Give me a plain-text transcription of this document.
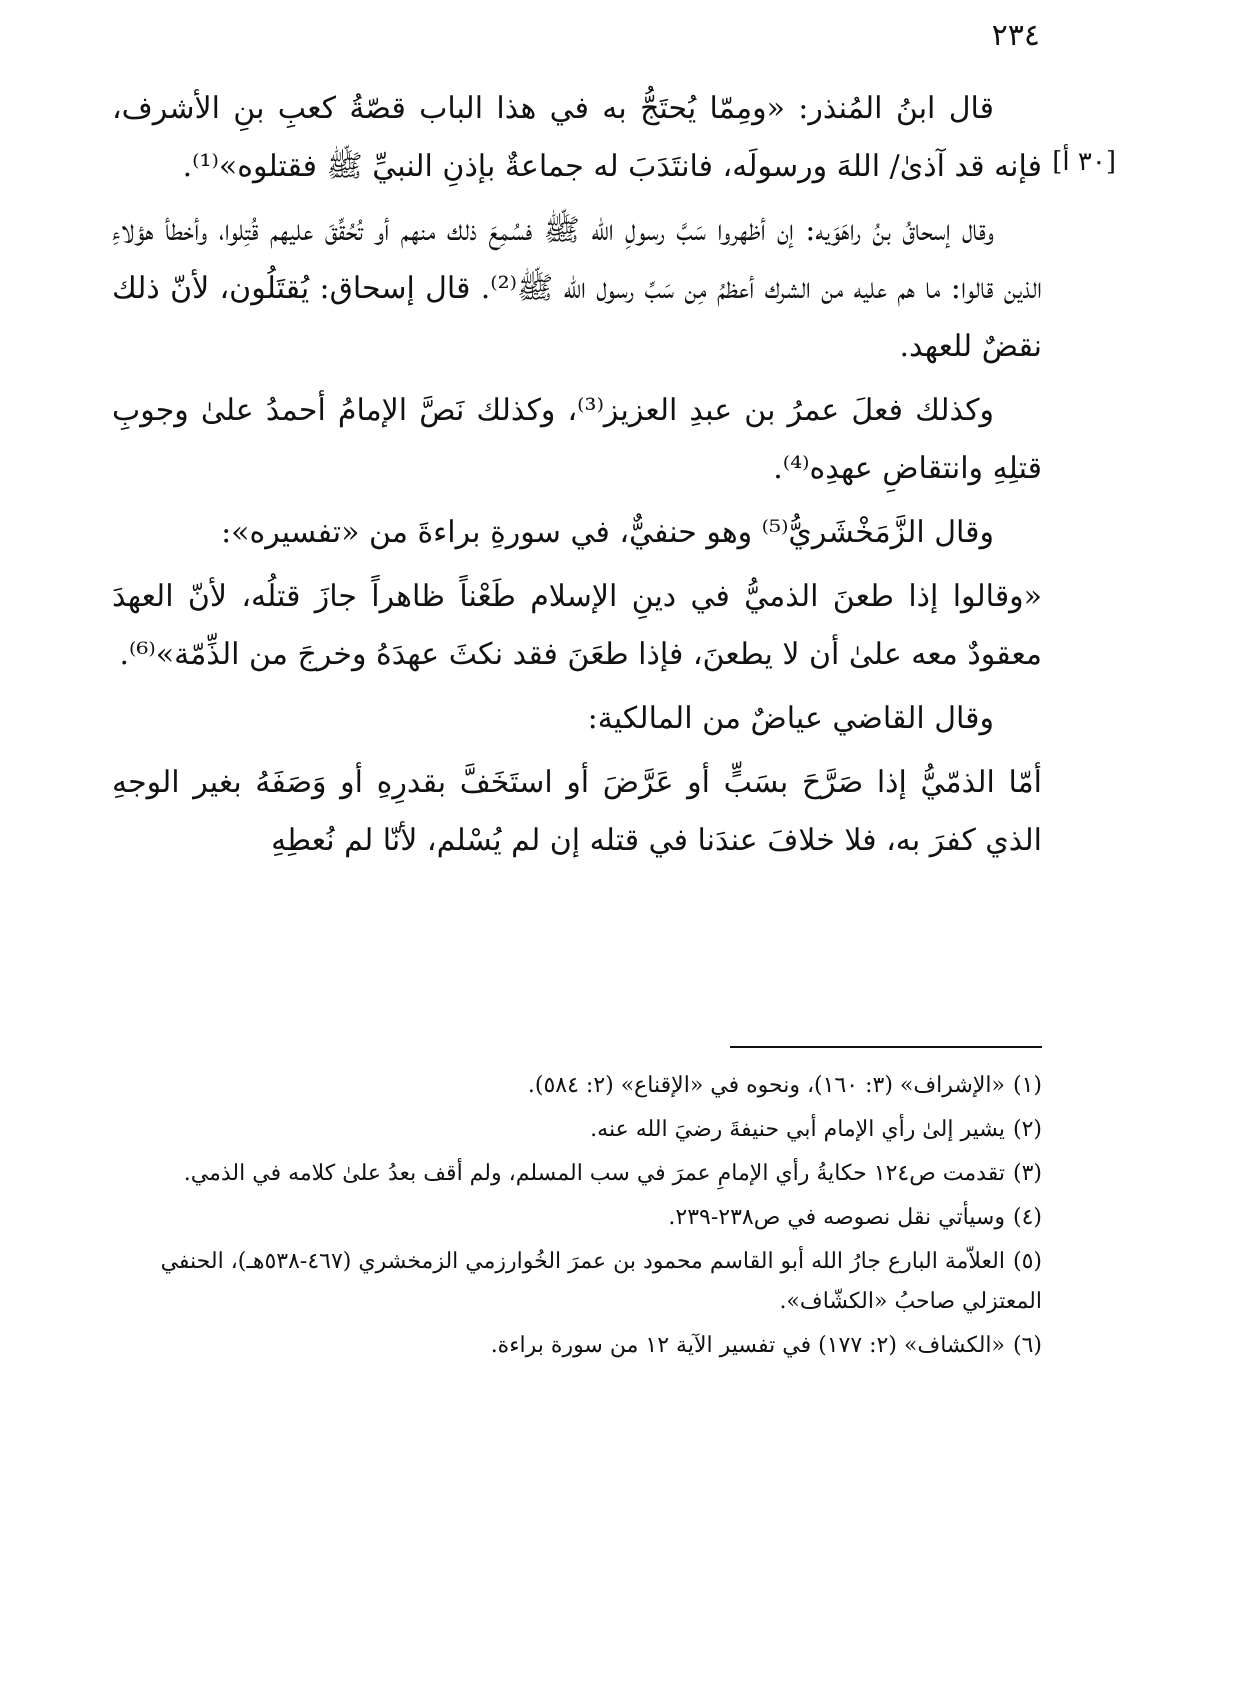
٢٣٤
[٣٠ أ]

قال ابنُ المُنذر: «ومِمّا يُحتَجُّ به في هذا الباب قصّةُ كعبِ بنِ الأشرف، فإنه قد آذىٰ/ اللهَ ورسولَه، فانتَدَبَ له جماعةٌ بإذنِ النبيِّ ﷺ فقتلوه»⁽¹⁾.

وقال إسحاقُ بنُ راهَوَيه: إن أظهروا سَبَّ رسولِ الله ﷺ فسُمِعَ ذلك منهم أو تُحُقِّقَ عليهم قُتِلوا، وأخطأ هؤلاءِ الذين قالوا: ما هم عليه من الشرك أعظمُ مِن سَبِّ رسول الله ﷺ⁽²⁾. قال إسحاق: يُقتَلُون، لأنّ ذلك نقضٌ للعهد.

وكذلك فعلَ عمرُ بن عبدِ العزيز⁽³⁾، وكذلك نَصَّ الإمامُ أحمدُ علىٰ وجوبِ قتلِهِ وانتقاضِ عهدِه⁽⁴⁾.

وقال الزَّمَخْشَريُّ⁽⁵⁾ وهو حنفيٌّ، في سورةِ براءةَ من «تفسيره»:

«وقالوا إذا طعنَ الذميُّ في دينِ الإسلام طَعْناً ظاهراً جازَ قتلُه، لأنّ العهدَ معقودٌ معه علىٰ أن لا يطعنَ، فإذا طعَنَ فقد نكثَ عهدَهُ وخرجَ من الذِّمّة»⁽⁶⁾.

وقال القاضي عياضٌ من المالكية:

أمّا الذمّيُّ إذا صَرَّحَ بسَبٍّ أو عَرَّضَ أو استَخَفَّ بقدرِهِ أو وَصَفَهُ بغير الوجهِ الذي كفرَ به، فلا خلافَ عندَنا في قتله إن لم يُسْلم، لأنّا لم نُعطِهِ

(١)«الإشراف» (٣: ١٦٠)، ونحوه في «الإقناع» (٢: ٥٨٤).

(٢)يشير إلىٰ رأي الإمام أبي حنيفةَ رضيَ الله عنه.

(٣)تقدمت ص١٢٤ حكايةُ رأي الإمامِ عمرَ في سب المسلم، ولم أقف بعدُ علىٰ كلامه في الذمي.

(٤)وسيأتي نقل نصوصه في ص٢٣٨-٢٣٩.

(٥)العلاّمة البارع جارُ الله أبو القاسم محمود بن عمرَ الخُوارزمي الزمخشري (٤٦٧-٥٣٨هـ)، الحنفي المعتزلي صاحبُ «الكشّاف».

(٦)«الكشاف» (٢: ١٧٧) في تفسير الآية ١٢ من سورة براءة.
